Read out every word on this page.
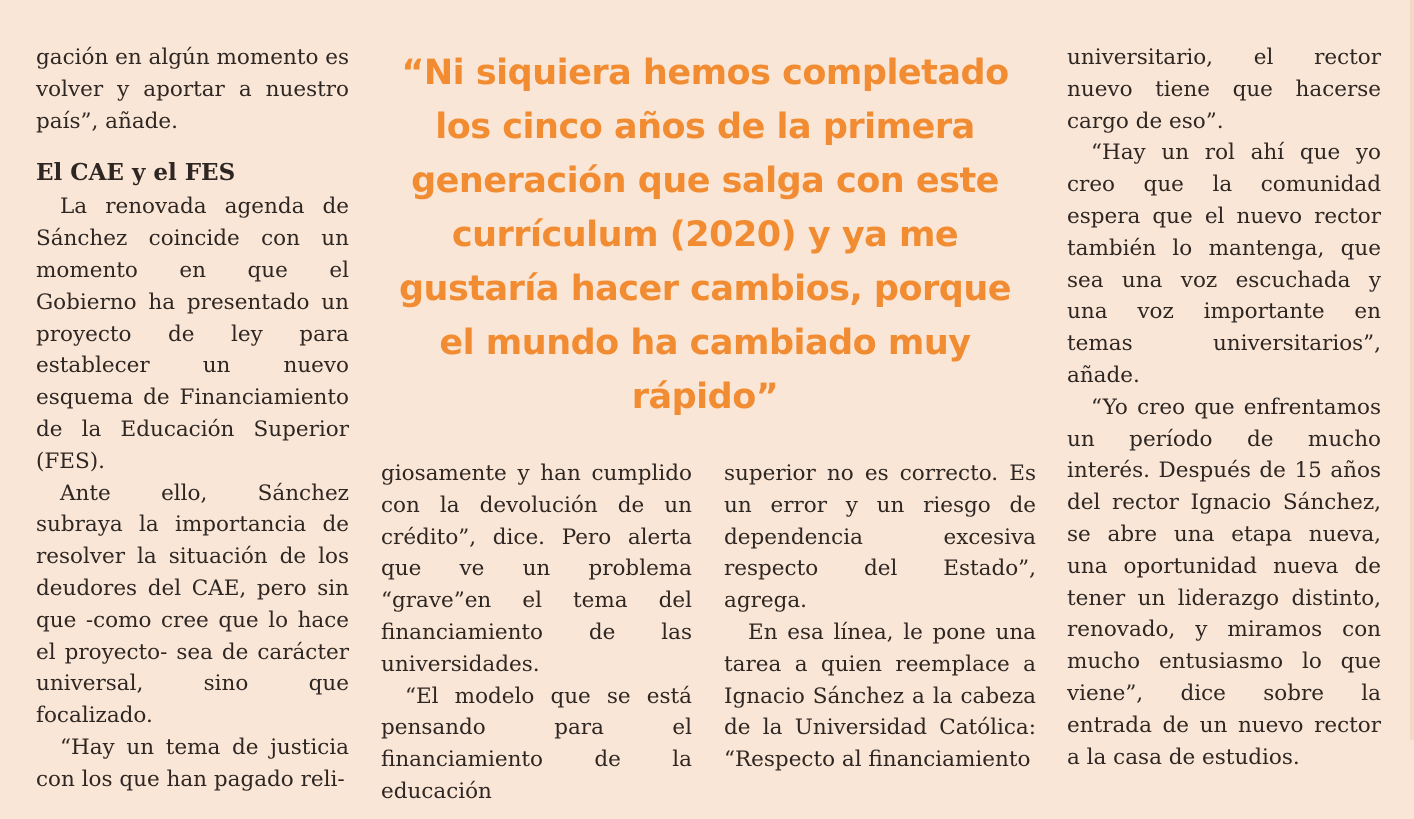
gación en algún momento es volver y aportar a nuestro país”, añade.

El CAE y el FES

La renovada agenda de Sánchez coincide con un momento en que el Gobierno ha presentado un proyecto de ley para establecer un nuevo esquema de Financiamiento de la Educación Superior (FES).

Ante ello, Sánchez subraya la importancia de resolver la situación de los deudores del CAE, pero sin que -como cree que lo hace el proyecto- sea de carácter universal, sino que focalizado.

“Hay un tema de justicia con los que han pagado reli-

“Ni siquiera hemos completado los cinco años de la primera generación que salga con este currículum (2020) y ya me gustaría hacer cambios, porque el mundo ha cambiado muy rápido”

giosamente y han cumplido con la devolución de un crédito”, dice. Pero alerta que ve un problema “grave”en el tema del financiamiento de las universidades.

“El modelo que se está pensando para el financiamiento de la educación

superior no es correcto. Es un error y un riesgo de dependencia excesiva respecto del Estado”, agrega.

En esa línea, le pone una tarea a quien reemplace a Ignacio Sánchez a la cabeza de la Universidad Católica: “Respecto al financiamiento

universitario, el rector nuevo tiene que hacerse cargo de eso”.

“Hay un rol ahí que yo creo que la comunidad espera que el nuevo rector también lo mantenga, que sea una voz escuchada y una voz importante en temas universitarios”, añade.

“Yo creo que enfrentamos un período de mucho interés. Después de 15 años del rector Ignacio Sánchez, se abre una etapa nueva, una oportunidad nueva de tener un liderazgo distinto, renovado, y miramos con mucho entusiasmo lo que viene”, dice sobre la entrada de un nuevo rector a la casa de estudios.
